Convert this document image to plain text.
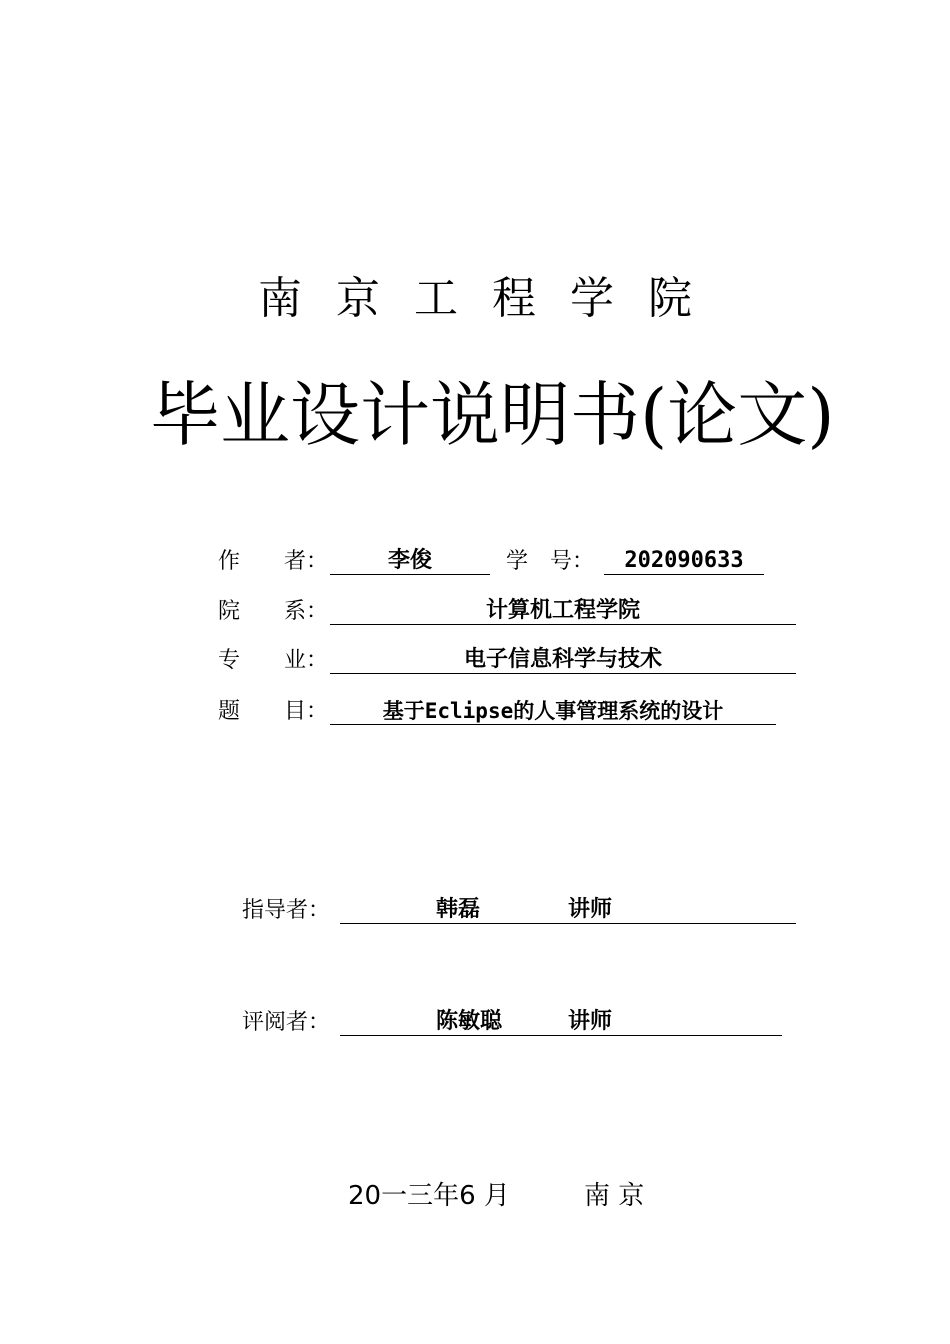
南京工程学院
毕业设计说明书(论文)
作　　者：	李俊	学　号：	202090633
院　　系：	计算机工程学院
专　　业：	电子信息科学与技术
题　　目：	基于Eclipse的人事管理系统的设计
指导者：	韩磊	讲师
评阅者：	陈敏聪	讲师
20一三年6 月	南 京
